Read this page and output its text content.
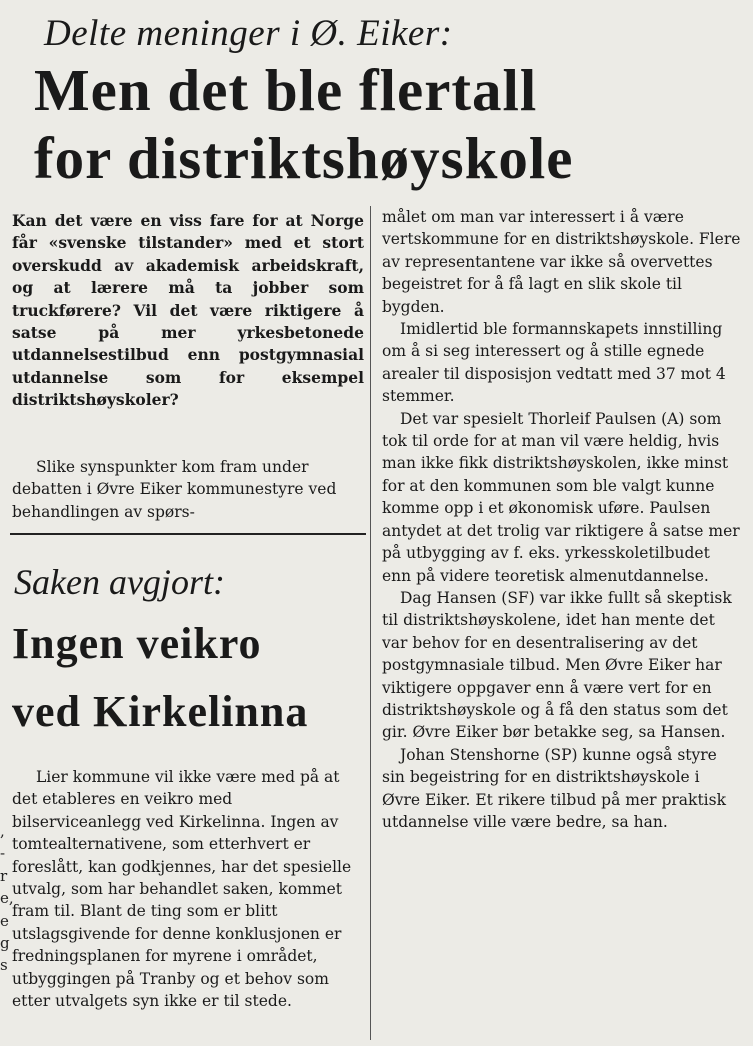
Delte meninger i Ø. Eiker:
Men det ble flertall
for distriktshøyskole

Kan det være en viss fare for at Norge får «svenske tilstander» med et stort overskudd av akademisk arbeidskraft, og at lærere må ta jobber som truckførere? Vil det være riktigere å satse på mer yrkesbetonede utdannelsestilbud enn postgymnasial utdannelse som for eksempel distriktshøyskoler?

Slike synspunkter kom fram under debatten i Øvre Eiker kommunestyre ved behandlingen av spørs-

Saken avgjort:
Ingen veikro
ved Kirkelinna

Lier kommune vil ikke være med på at det etableres en veikro med bilserviceanlegg ved Kirkelinna. Ingen av tomtealternativene, som etterhvert er foreslått, kan godkjennes, har det spesielle utvalg, som har behandlet saken, kommet fram til. Blant de ting som er blitt utslagsgivende for denne konklusjonen er fredningsplanen for myrene i området, utbyggingen på Tranby og et behov som etter utvalgets syn ikke er til stede.

målet om man var interessert i å være vertskommune for en distriktshøyskole. Flere av representantene var ikke så overvettes begeistret for å få lagt en slik skole til bygden.

Imidlertid ble formannskapets innstilling om å si seg interessert og å stille egnede arealer til disposisjon vedtatt med 37 mot 4 stemmer.

Det var spesielt Thorleif Paulsen (A) som tok til orde for at man vil være heldig, hvis man ikke fikk distriktshøyskolen, ikke minst for at den kommunen som ble valgt kunne komme opp i et økonomisk uføre. Paulsen antydet at det trolig var riktigere å satse mer på utbygging av f. eks. yrkesskoletilbudet enn på videre teoretisk almenutdannelse.

Dag Hansen (SF) var ikke fullt så skeptisk til distriktshøyskolene, idet han mente det var behov for en desentralisering av det postgymnasiale tilbud. Men Øvre Eiker har viktigere oppgaver enn å være vert for en distriktshøyskole og å få den status som det gir. Øvre Eiker bør betakke seg, sa Hansen.

Johan Stenshorne (SP) kunne også styre sin begeistring for en distriktshøyskole i Øvre Eiker. Et rikere tilbud på mer praktisk utdannelse ville være bedre, sa han.

,
-
r
e,
e
g
s
